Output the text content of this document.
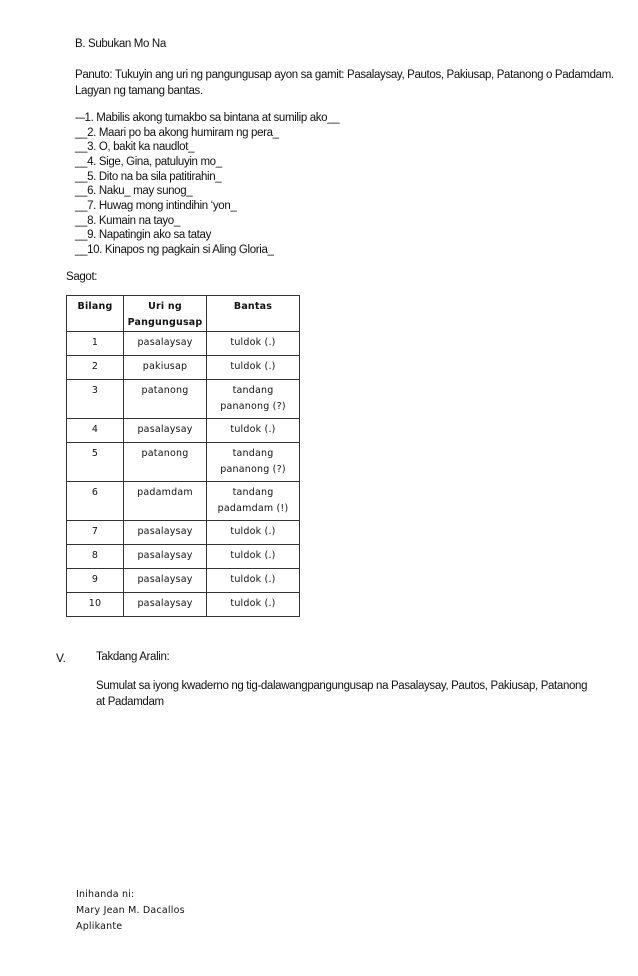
B. Subukan Mo Na
Panuto: Tukuyin ang uri ng pangungusap ayon sa gamit: Pasalaysay, Pautos, Pakiusap, Patanong o Padamdam.
Lagyan ng tamang bantas.
-–1. Mabilis akong tumakbo sa bintana at sumilip ako__
__2. Maari po ba akong humiram ng pera_
__3. O, bakit ka naudlot_
__4. Sige, Gina, patuluyin mo_
__5. Dito na ba sila patitirahin_
__6. Naku_ may sunog_
__7. Huwag mong intindihin ‘yon_
__8. Kumain na tayo_
__9. Napatingin ako sa tatay
__10. Kinapos ng pagkain si Aling Gloria_
Sagot:
Bilang	Uri ng Pangungusap	Bantas
1	pasalaysay	tuldok (.)
2	pakiusap	tuldok (.)
3	patanong	tandang pananong (?)
4	pasalaysay	tuldok (.)
5	patanong	tandang pananong (?)
6	padamdam	tandang padamdam (!)
7	pasalaysay	tuldok (.)
8	pasalaysay	tuldok (.)
9	pasalaysay	tuldok (.)
10	pasalaysay	tuldok (.)
V.	Takdang Aralin:
Sumulat sa iyong kwaderno ng tig-dalawangpangungusap na Pasalaysay, Pautos, Pakiusap, Patanong at Padamdam
Inihanda ni:
Mary Jean M. Dacallos
Aplikante
